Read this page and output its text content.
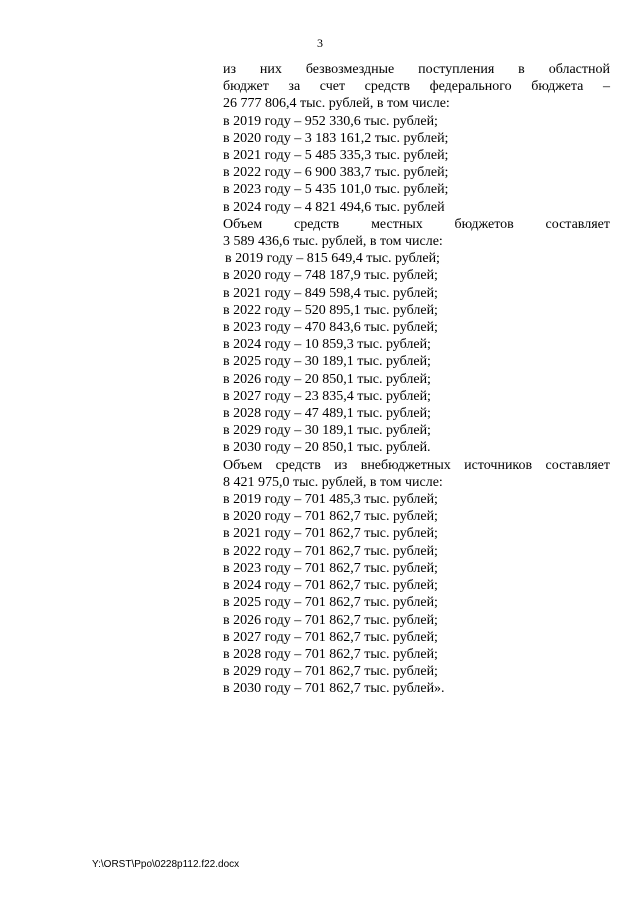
3
из них безвозмездные поступления в областной
бюджет за счет средств федерального бюджета –
26 777 806,4 тыс. рублей, в том числе:
в 2019 году – 952 330,6 тыс. рублей;
в 2020 году – 3 183 161,2 тыс. рублей;
в 2021 году – 5 485 335,3 тыс. рублей;
в 2022 году – 6 900 383,7 тыс. рублей;
в 2023 году – 5 435 101,0 тыс. рублей;
в 2024 году – 4 821 494,6 тыс. рублей
Объем средств местных бюджетов составляет
3 589 436,6 тыс. рублей, в том числе:
в 2019 году – 815 649,4 тыс. рублей;
в 2020 году – 748 187,9 тыс. рублей;
в 2021 году – 849 598,4 тыс. рублей;
в 2022 году – 520 895,1 тыс. рублей;
в 2023 году – 470 843,6 тыс. рублей;
в 2024 году – 10 859,3 тыс. рублей;
в 2025 году – 30 189,1 тыс. рублей;
в 2026 году – 20 850,1 тыс. рублей;
в 2027 году – 23 835,4 тыс. рублей;
в 2028 году – 47 489,1 тыс. рублей;
в 2029 году – 30 189,1 тыс. рублей;
в 2030 году – 20 850,1 тыс. рублей.
Объем средств из внебюджетных источников составляет
8 421 975,0 тыс. рублей, в том числе:
в 2019 году – 701 485,3 тыс. рублей;
в 2020 году – 701 862,7 тыс. рублей;
в 2021 году – 701 862,7 тыс. рублей;
в 2022 году – 701 862,7 тыс. рублей;
в 2023 году – 701 862,7 тыс. рублей;
в 2024 году – 701 862,7 тыс. рублей;
в 2025 году – 701 862,7 тыс. рублей;
в 2026 году – 701 862,7 тыс. рублей;
в 2027 году – 701 862,7 тыс. рублей;
в 2028 году – 701 862,7 тыс. рублей;
в 2029 году – 701 862,7 тыс. рублей;
в 2030 году – 701 862,7 тыс. рублей».
Y:\ORST\Ppo\0228p112.f22.docx
